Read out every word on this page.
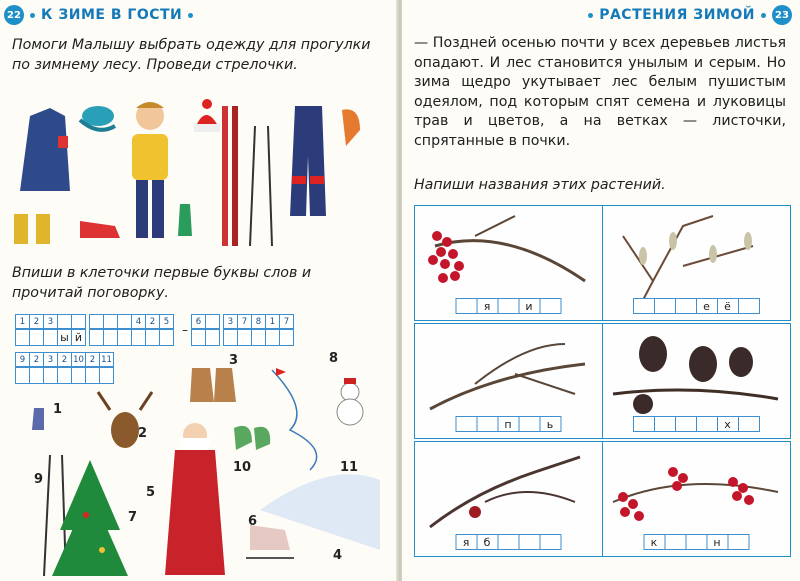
22 К ЗИМЕ В ГОСТИ
Помоги Малышу выбрать одежду для прогулки по зимнему лесу. Проведи стрелочки.
Впиши в клеточки первые буквы слов и прочитай поговорку.
1	2	3
ы й
4	2	5
–
6	3	7	8	1	7
9	2	3	2 10 2 11	3	8
1
2
10	11
9
5
7	6
4
РАСТЕНИЯ ЗИМОЙ	23
— Поздней осенью почти у всех деревьев листья опадают. И лес становится унылым и серым. Но зима щедро укутывает лес белым пушистым одеялом, под которым спят семена и луковицы трав и цветов, а на ветках — листочки, спрятанные в почки.
Напиши названия этих растений.
я	и	е	ё
п	ь	х
я	б	к	н
